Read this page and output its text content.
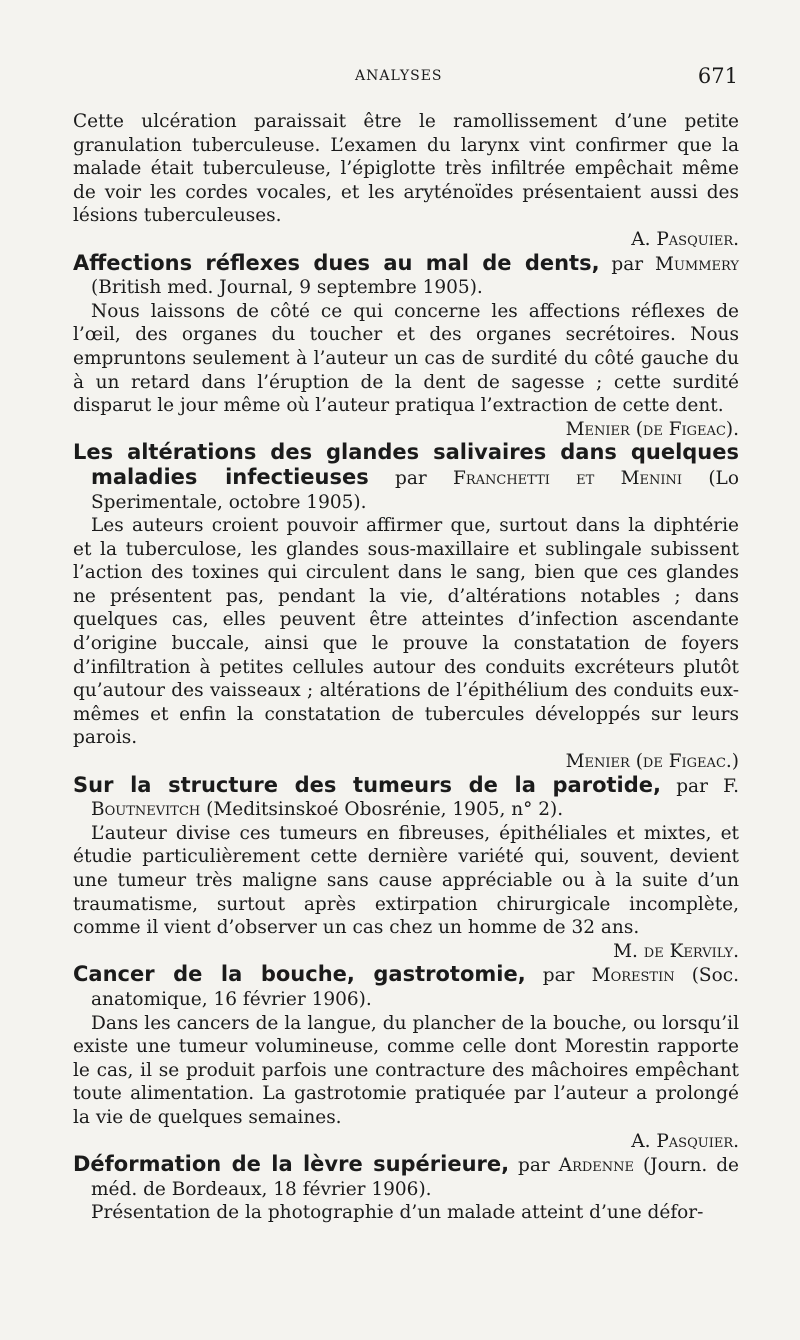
ANALYSES	671

Cette ulcération paraissait être le ramollissement d’une petite granulation tuberculeuse. L’examen du larynx vint confirmer que la malade était tuberculeuse, l’épiglotte très infiltrée empêchait même de voir les cordes vocales, et les aryténoïdes présentaient aussi des lésions tuberculeuses.

A. Pasquier.

Affections réflexes dues au mal de dents, par Mummery (British med. Journal, 9 septembre 1905).

Nous laissons de côté ce qui concerne les affections réflexes de l’œil, des organes du toucher et des organes secrétoires. Nous empruntons seulement à l’auteur un cas de surdité du côté gauche du à un retard dans l’éruption de la dent de sagesse ; cette surdité disparut le jour même où l’auteur pratiqua l’extraction de cette dent.

Menier (de Figeac).

Les altérations des glandes salivaires dans quelques maladies infectieuses par Franchetti et Menini (Lo Sperimentale, octobre 1905).

Les auteurs croient pouvoir affirmer que, surtout dans la diphtérie et la tuberculose, les glandes sous-maxillaire et sublingale subissent l’action des toxines qui circulent dans le sang, bien que ces glandes ne présentent pas, pendant la vie, d’altérations notables ; dans quelques cas, elles peuvent être atteintes d’infection ascendante d’origine buccale, ainsi que le prouve la constatation de foyers d’infiltration à petites cellules autour des conduits excréteurs plutôt qu’autour des vaisseaux ; altérations de l’épithélium des conduits eux-mêmes et enfin la constatation de tubercules développés sur leurs parois.

Menier (de Figeac.)

Sur la structure des tumeurs de la parotide, par F. Boutnevitch (Meditsinskoé Obosrénie, 1905, n° 2).

L’auteur divise ces tumeurs en fibreuses, épithéliales et mixtes, et étudie particulièrement cette dernière variété qui, souvent, devient une tumeur très maligne sans cause appréciable ou à la suite d’un traumatisme, surtout après extirpation chirurgicale incomplète, comme il vient d’observer un cas chez un homme de 32 ans.

M. de Kervily.

Cancer de la bouche, gastrotomie, par Morestin (Soc. anatomique, 16 février 1906).

Dans les cancers de la langue, du plancher de la bouche, ou lorsqu’il existe une tumeur volumineuse, comme celle dont Morestin rapporte le cas, il se produit parfois une contracture des mâchoires empêchant toute alimentation. La gastrotomie pratiquée par l’auteur a prolongé la vie de quelques semaines.

A. Pasquier.

Déformation de la lèvre supérieure, par Ardenne (Journ. de méd. de Bordeaux, 18 février 1906).

Présentation de la photographie d’un malade atteint d’une défor-
